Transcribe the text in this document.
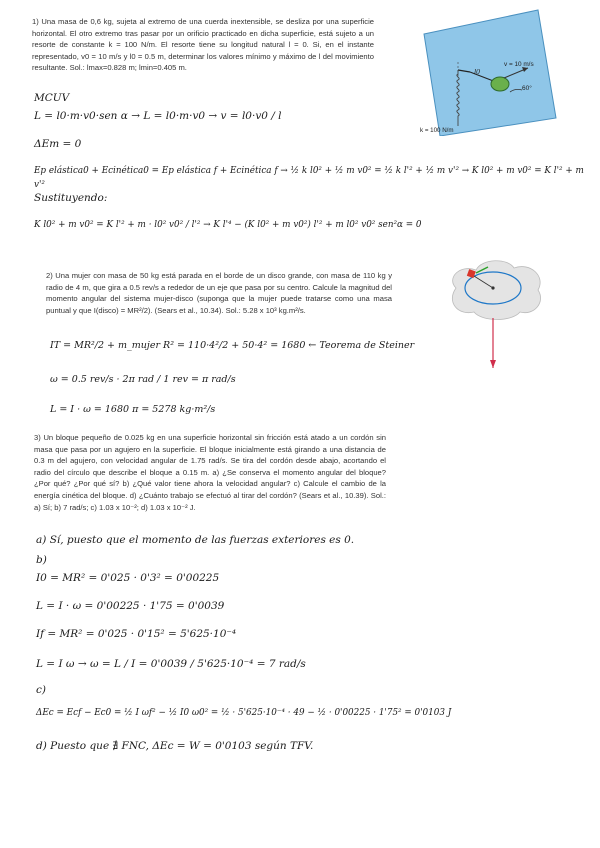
1) Una masa de 0,6 kg, sujeta al extremo de una cuerda inextensible, se desliza por una superficie horizontal. El otro extremo tras pasar por un orificio practicado en dicha superficie, está sujeto a un resorte de constante k = 100 N/m. El resorte tiene su longitud natural l = 0. Si, en el instante representado, v0 = 10 m/s y l0 = 0.5 m, determinar los valores mínimo y máximo de l del movimiento resultante. Sol.: lmax=0.828 m; lmin=0.405 m.	v = 10 m/s
l0
60°
k = 100 N/m
MCUV
L = l0·m·v0·sen α → L = l0·m·v0 → v = l0·v0 / l
ΔEm = 0
Ep elástica0 + Ecinética0 = Ep elástica f + Ecinética f → ½ k l0² + ½ m v0² = ½ k l'² + ½ m v'² → K l0² + m v0² = K l'² + m v'²
Sustituyendo:
K l0² + m v0² = K l'² + m · l0² v0² / l'² → K l'⁴ − (K l0² + m v0²) l'² + m l0² v0² sen²α = 0
2) Una mujer con masa de 50 kg está parada en el borde de un disco grande, con masa de 110 kg y radio de 4 m, que gira a 0.5 rev/s a rededor de un eje que pasa por su centro. Calcule la magnitud del momento angular del sistema mujer-disco (suponga que la mujer puede tratarse como una masa puntual y que I(disco) = MR²/2). (Sears et al., 10.34). Sol.: 5.28 x 10³ kg.m²/s.
IT = MR²/2 + m_mujer R² = 110·4²/2 + 50·4² = 1680 ← Teorema de Steiner
ω = 0.5 rev/s · 2π rad / 1 rev = π rad/s
L = I · ω = 1680 π = 5278 kg·m²/s
3) Un bloque pequeño de 0.025 kg en una superficie horizontal sin fricción está atado a un cordón sin masa que pasa por un agujero en la superficie. El bloque inicialmente está girando a una distancia de 0.3 m del agujero, con velocidad angular de 1.75 rad/s. Se tira del cordón desde abajo, acortando el radio del círculo que describe el bloque a 0.15 m. a) ¿Se conserva el momento angular del bloque? ¿Por qué? ¿Por qué sí? b) ¿Qué valor tiene ahora la velocidad angular? c) Calcule el cambio de la energía cinética del bloque. d) ¿Cuánto trabajo se efectuó al tirar del cordón? (Sears et al., 10.39). Sol.: a) Sí; b) 7 rad/s; c) 1.03 x 10⁻²; d) 1.03 x 10⁻² J.
a) Sí, puesto que el momento de las fuerzas exteriores es 0.
b)
I0 = MR² = 0'025 · 0'3² = 0'00225
L = I · ω = 0'00225 · 1'75 = 0'0039
If = MR² = 0'025 · 0'15² = 5'625·10⁻⁴
L = I ω → ω = L / I = 0'0039 / 5'625·10⁻⁴ = 7 rad/s
c)
ΔEc = Ecf − Ec0 = ½ I ωf² − ½ I0 ω0² = ½ · 5'625·10⁻⁴ · 49 − ½ · 0'00225 · 1'75² = 0'0103 J
d) Puesto que ∄ FNC, ΔEc = W = 0'0103 según TFV.
